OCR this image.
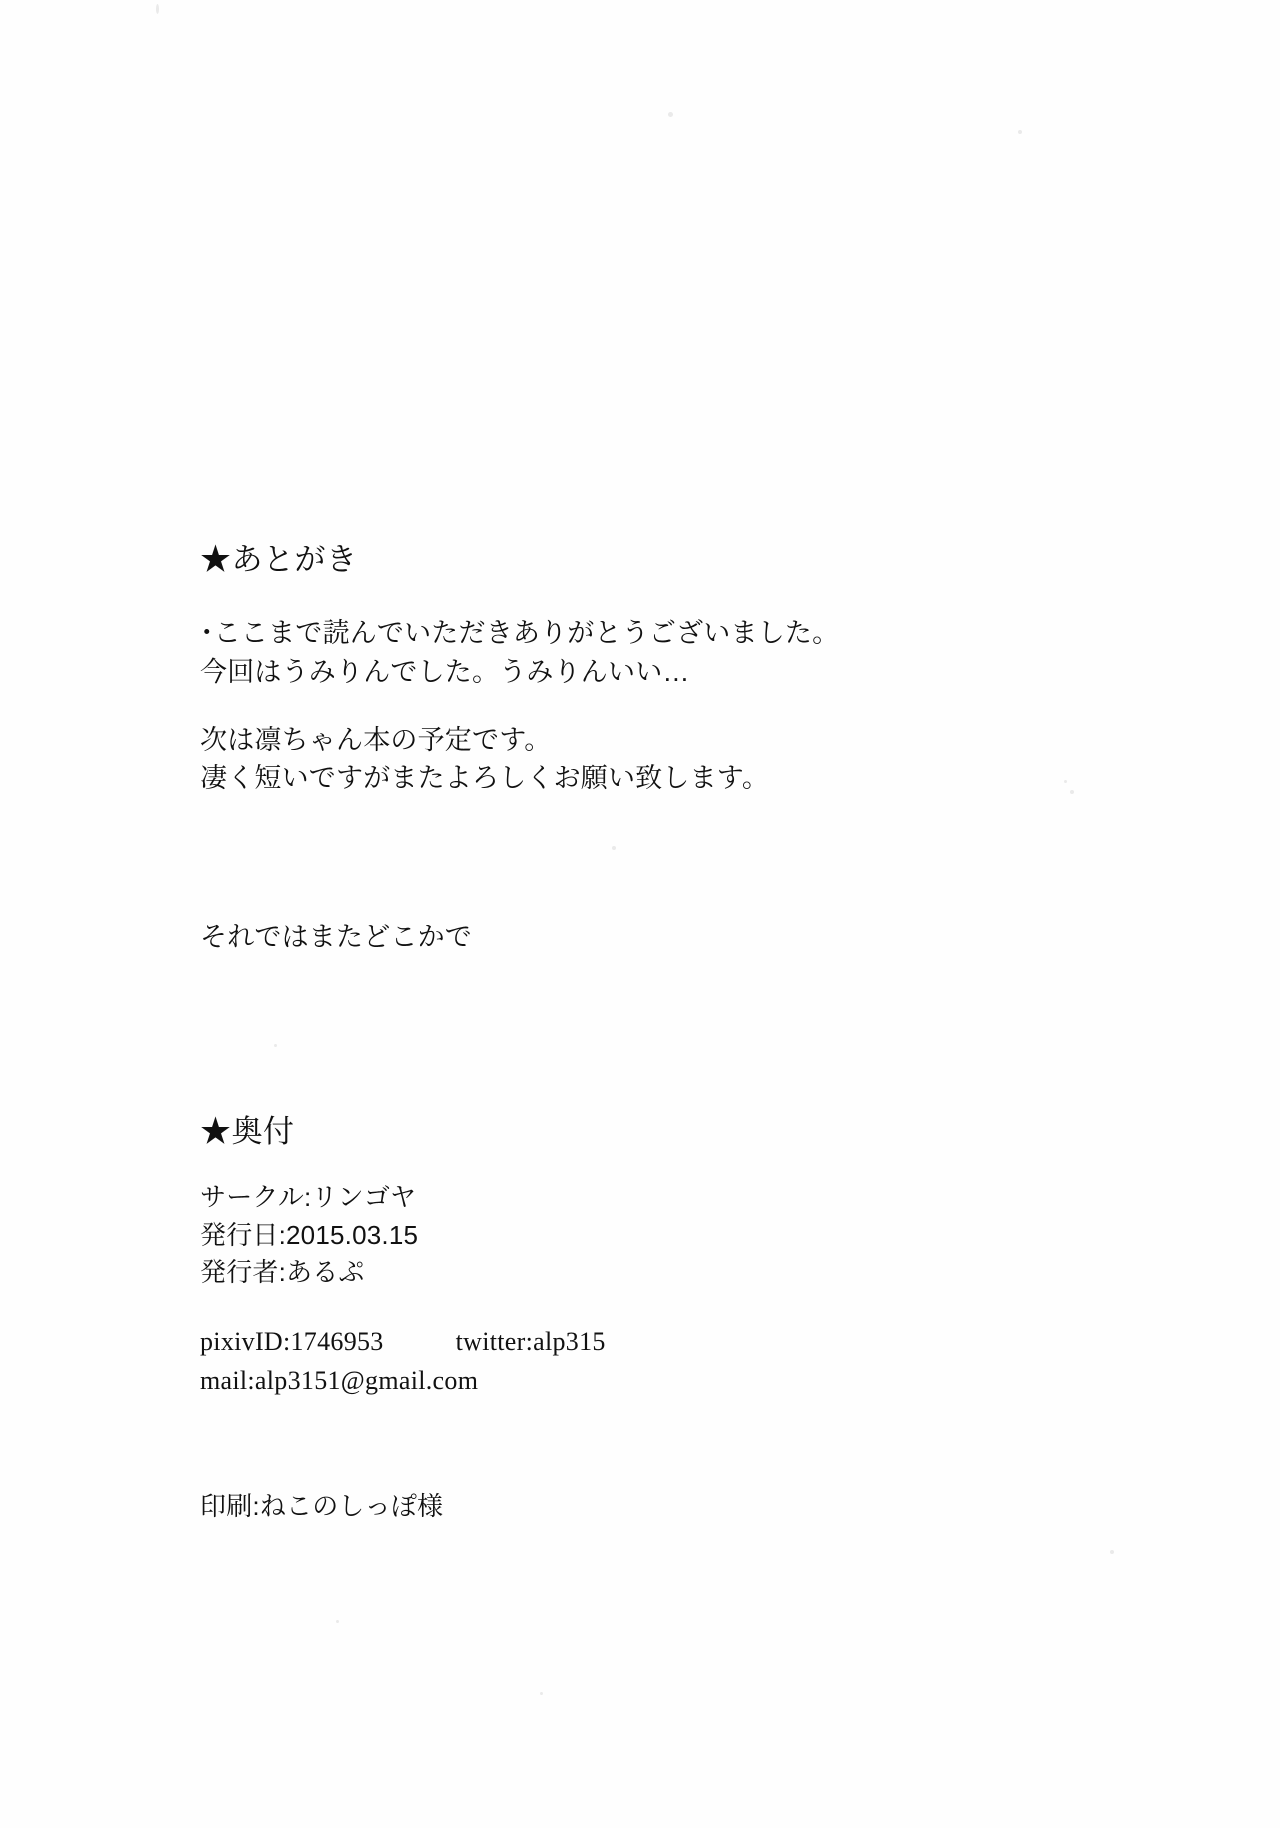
★あとがき

･ここまで読んでいただきありがとうございました。
今回はうみりんでした。うみりんいい…

次は凛ちゃん本の予定です。
凄く短いですがまたよろしくお願い致します。

それではまたどこかで

★奥付
サークル:リンゴヤ
発行日:2015.03.15
発行者:あるぷ
pixivID:1746953	twitter:alp315
mail:alp3151@gmail.com

印刷:ねこのしっぽ様
